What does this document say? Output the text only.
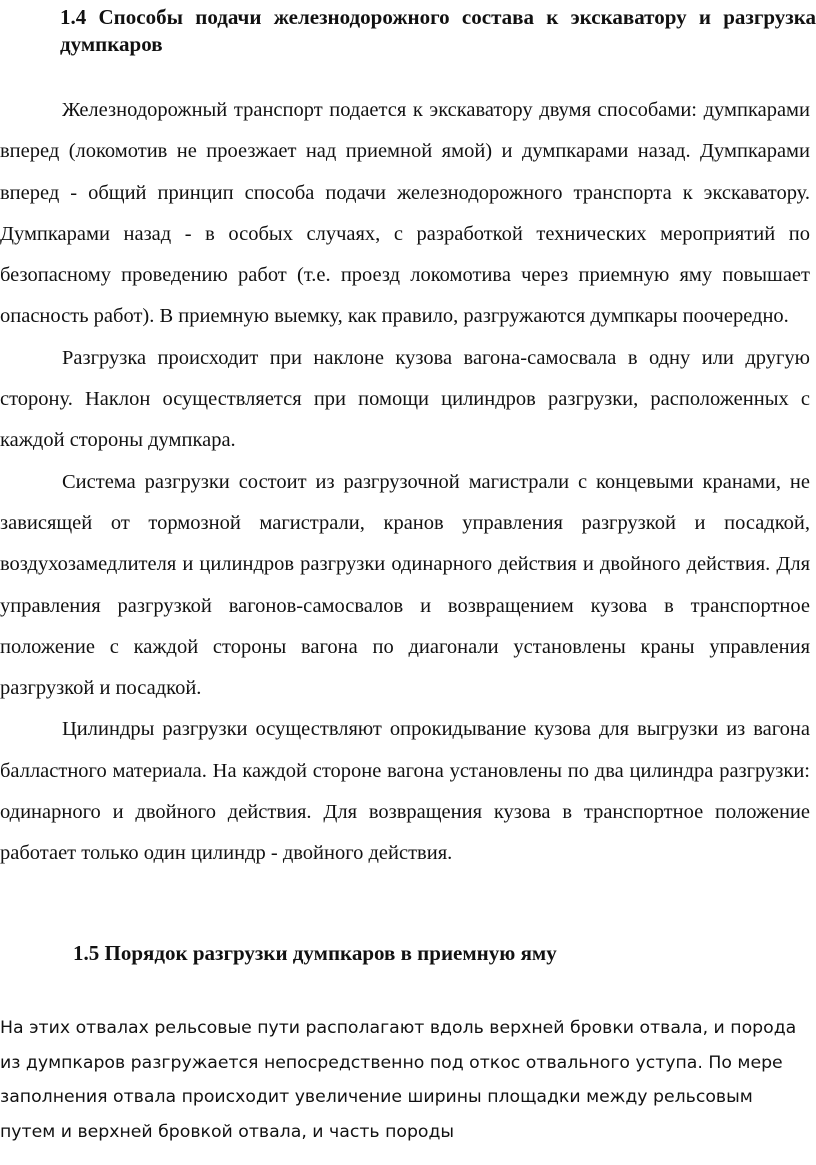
1.4 Способы подачи железнодорожного состава к экскаватору и разгрузка думпкаров

Железнодорожный транспорт подается к экскаватору двумя способами: думпкарами вперед (локомотив не проезжает над приемной ямой) и думпкарами назад. Думпкарами вперед - общий принцип способа подачи железнодорожного транспорта к экскаватору. Думпкарами назад - в особых случаях, с разработкой технических мероприятий по безопасному проведению работ (т.е. проезд локомотива через приемную яму повышает опасность работ). В приемную выемку, как правило, разгружаются думпкары поочередно.

Разгрузка происходит при наклоне кузова вагона-самосвала в одну или другую сторону. Наклон осуществляется при помощи цилиндров разгрузки, расположенных с каждой стороны думпкара.

Система разгрузки состоит из разгрузочной магистрали с концевыми кранами, не зависящей от тормозной магистрали, кранов управления разгрузкой и посадкой, воздухозамедлителя и цилиндров разгрузки одинарного действия и двойного действия. Для управления разгрузкой вагонов-самосвалов и возвращением кузова в транспортное положение с каждой стороны вагона по диагонали установлены краны управления разгрузкой и посадкой.

Цилиндры разгрузки осуществляют опрокидывание кузова для выгрузки из вагона балластного материала. На каждой стороне вагона установлены по два цилиндра разгрузки: одинарного и двойного действия. Для возвращения кузова в транспортное положение работает только один цилиндр - двойного действия.

1.5 Порядок разгрузки думпкаров в приемную яму

На этих отвалах рельсовые пути располагают вдоль верхней бровки отвала, и порода из думпкаров разгружается непосредственно под откос отвального уступа. По мере заполнения отвала происходит увеличение ширины площадки между рельсовым путем и верхней бровкой отвала, и часть породы
